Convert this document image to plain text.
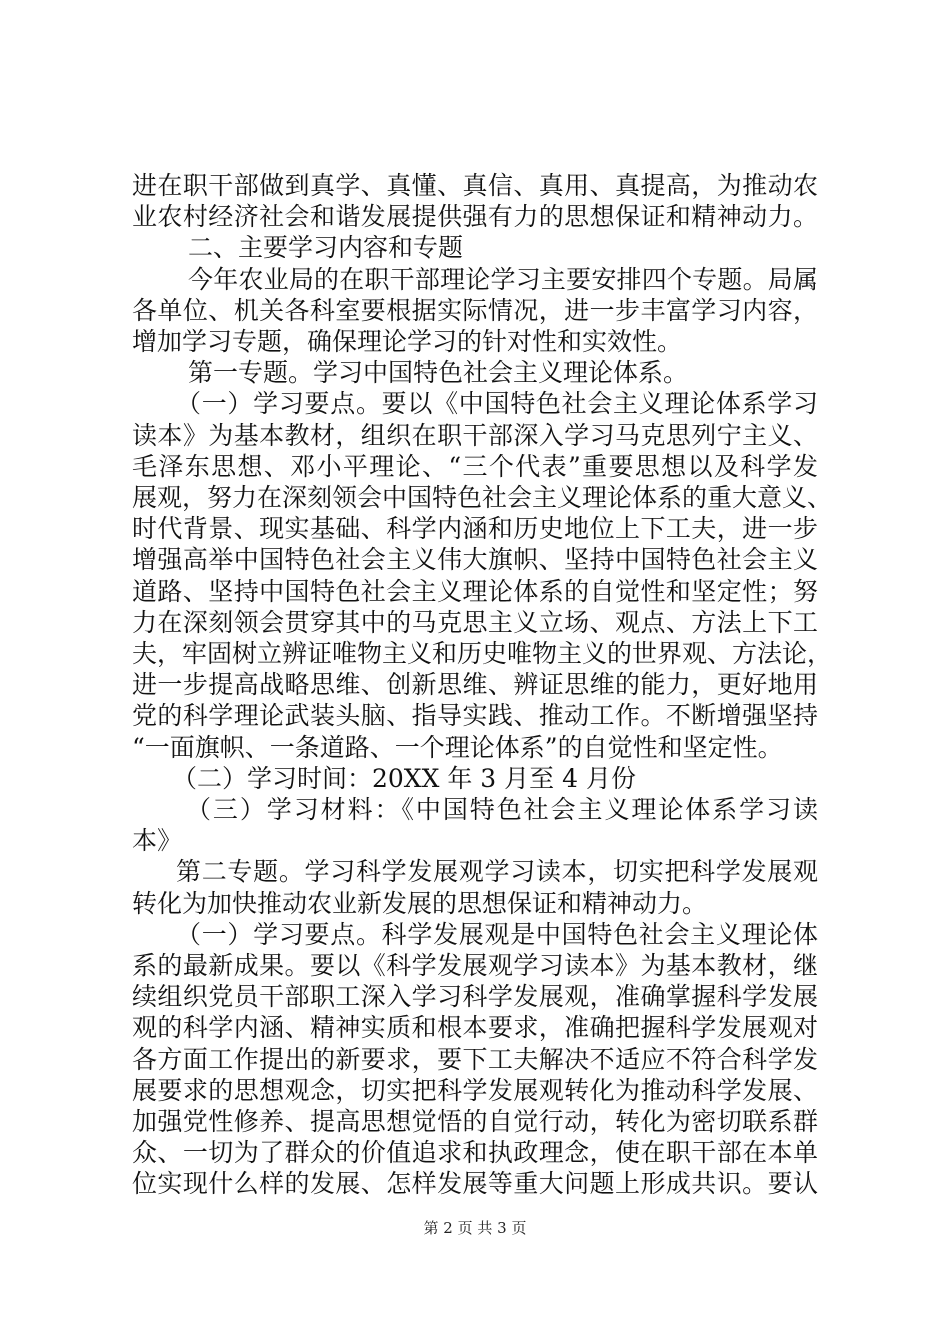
进在职干部做到真学、真懂、真信、真用、真提高，为推动农
业农村经济社会和谐发展提供强有力的思想保证和精神动力。
二、主要学习内容和专题
今年农业局的在职干部理论学习主要安排四个专题。局属
各单位、机关各科室要根据实际情况，进一步丰富学习内容，
增加学习专题，确保理论学习的针对性和实效性。
第一专题。学习中国特色社会主义理论体系。
（一）学习要点。要以《中国特色社会主义理论体系学习
读本》为基本教材，组织在职干部深入学习马克思列宁主义、
毛泽东思想、邓小平理论、“三个代表”重要思想以及科学发
展观，努力在深刻领会中国特色社会主义理论体系的重大意义、
时代背景、现实基础、科学内涵和历史地位上下工夫，进一步
增强高举中国特色社会主义伟大旗帜、坚持中国特色社会主义
道路、坚持中国特色社会主义理论体系的自觉性和坚定性；努
力在深刻领会贯穿其中的马克思主义立场、观点、方法上下工
夫，牢固树立辨证唯物主义和历史唯物主义的世界观、方法论，
进一步提高战略思维、创新思维、辨证思维的能力，更好地用
党的科学理论武装头脑、指导实践、推动工作。不断增强坚持
“一面旗帜、一条道路、一个理论体系”的自觉性和坚定性。
（二）学习时间：20XX 年 3 月至 4 月份
（三）学习材料：《中国特色社会主义理论体系学习读
本》
第二专题。学习科学发展观学习读本，切实把科学发展观
转化为加快推动农业新发展的思想保证和精神动力。
（一）学习要点。科学发展观是中国特色社会主义理论体
系的最新成果。要以《科学发展观学习读本》为基本教材，继
续组织党员干部职工深入学习科学发展观，准确掌握科学发展
观的科学内涵、精神实质和根本要求，准确把握科学发展观对
各方面工作提出的新要求，要下工夫解决不适应不符合科学发
展要求的思想观念，切实把科学发展观转化为推动科学发展、
加强党性修养、提高思想觉悟的自觉行动，转化为密切联系群
众、一切为了群众的价值追求和执政理念，使在职干部在本单
位实现什么样的发展、怎样发展等重大问题上形成共识。要认
第 2 页 共 3 页
